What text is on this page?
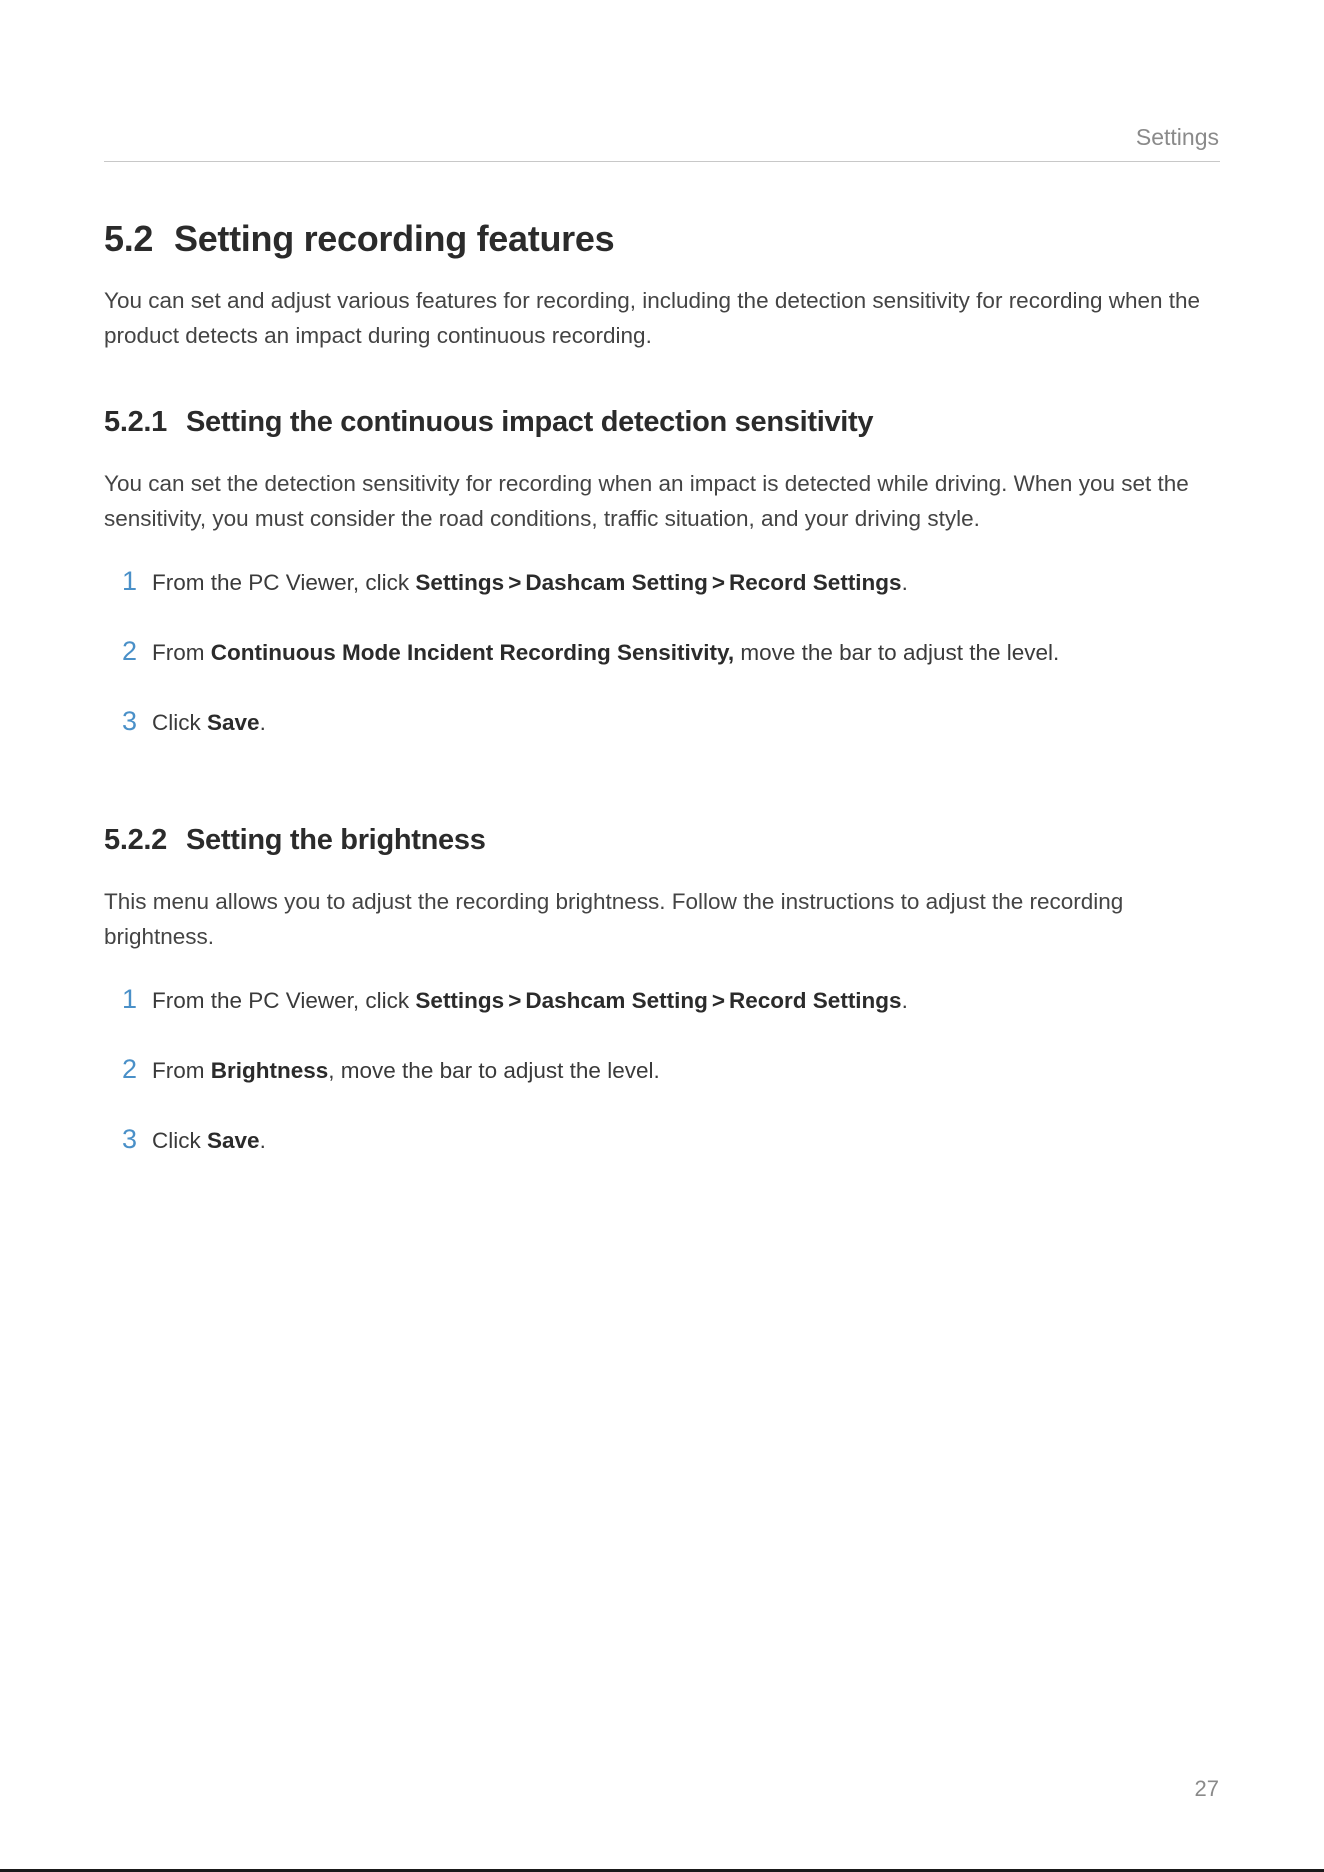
Settings
5.2 Setting recording features

You can set and adjust various features for recording, including the detection sensitivity for recording when the product detects an impact during continuous recording.

5.2.1 Setting the continuous impact detection sensitivity

You can set the detection sensitivity for recording when an impact is detected while driving. When you set the sensitivity, you must consider the road conditions, traffic situation, and your driving style.

1 From the PC Viewer, click Settings > Dashcam Setting > Record Settings.
2 From Continuous Mode Incident Recording Sensitivity, move the bar to adjust the level.
3 Click Save.
5.2.2 Setting the brightness

This menu allows you to adjust the recording brightness. Follow the instructions to adjust the recording brightness.

1 From the PC Viewer, click Settings > Dashcam Setting > Record Settings.
2 From Brightness, move the bar to adjust the level.
3 Click Save.
27
